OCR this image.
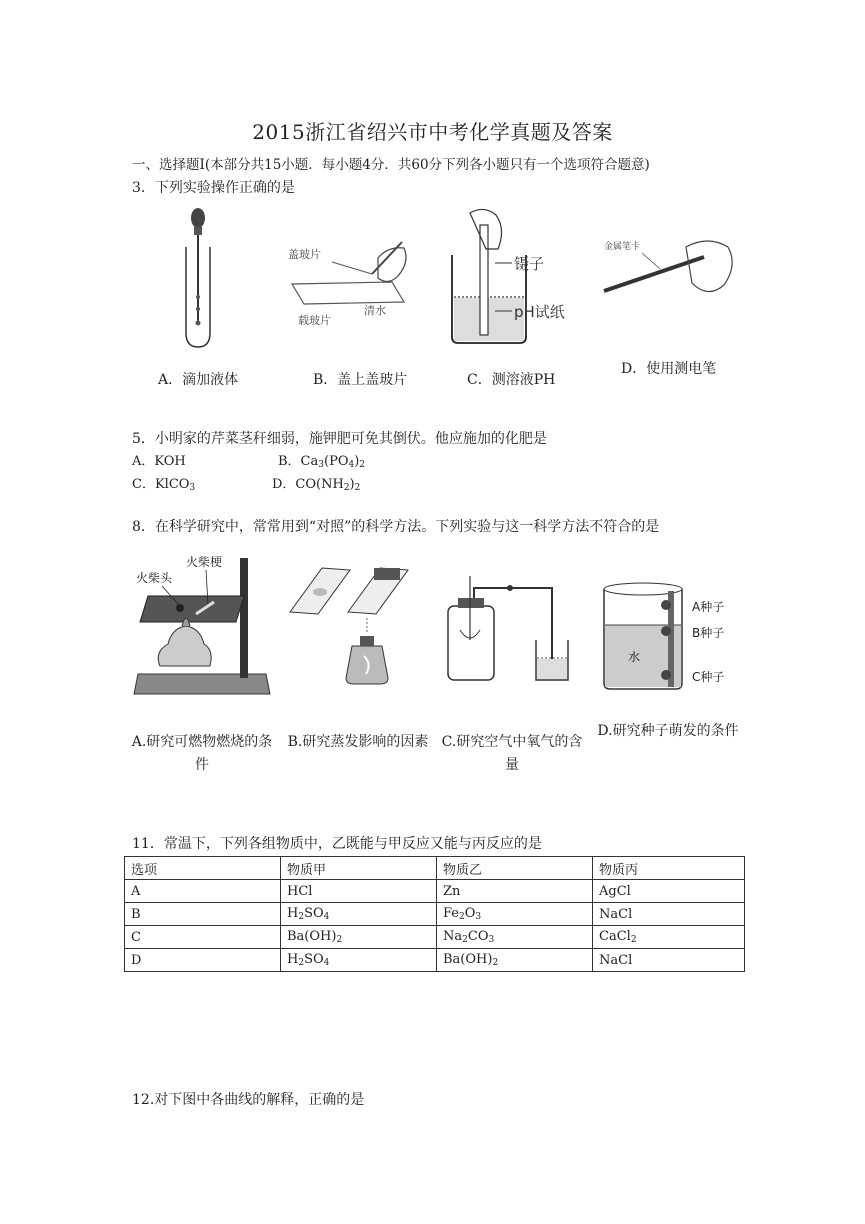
2015浙江省绍兴市中考化学真题及答案
一、选择题Ⅰ(本部分共15小题．每小题4分．共60分下列各小题只有一个选项符合题意)
3．下列实验操作正确的是
盖玻片
载玻片
清水
镊子
pH试纸
金属笔卡
A．滴加液体	B．盖上盖玻片	C．测溶液PH
D．使用测电笔
5．小明家的芹菜茎秆细弱，施钾肥可免其倒伏。他应施加的化肥是
A．KOH	B．$Ca_3(PO_4)_2$
C．KlCO$_3$	D．$CO(NH_2)_2$
8．在科学研究中，常常用到“对照”的科学方法。下列实验与这一科学方法不符合的是
火柴头
火柴梗
水
A种子
B种子
C种子
A.研究可燃物燃烧的条件
B.研究蒸发影响的因素 C.研究空气中氧气的含量
D.研究种子萌发的条件
11．常温下，下列各组物质中，乙既能与甲反应又能与丙反应的是
选项	物质甲	物质乙	物质丙
A	HCl	Zn	AgCl
B	$H_2SO_4$	$Fe_2O_3$	NaCl
C	$Ba(OH)_2$	$Na_2CO_3$	CaCl$_2$
D	$H_2SO_4$	$Ba(OH)_2$	NaCl
12.对下图中各曲线的解释，正确的是
